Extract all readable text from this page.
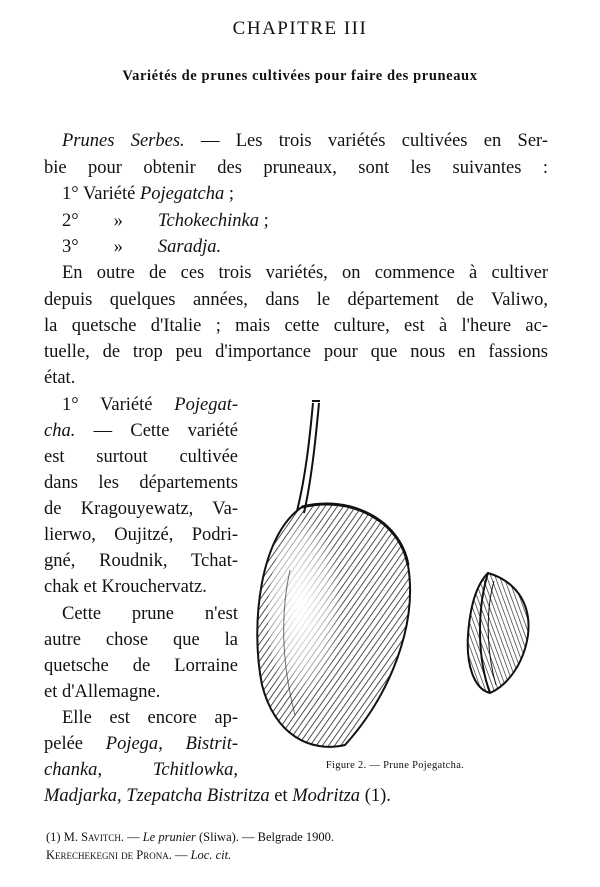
CHAPITRE III
Variétés de prunes cultivées pour faire des pruneaux
Prunes Serbes. — Les trois variétés cultivées en Ser-
bie pour obtenir des pruneaux, sont les suivantes :
1° Variété Pojegatcha ;
2° » Tchokechinka ;
3° » Saradja.
En outre de ces trois variétés, on commence à cultiver
depuis quelques années, dans le département de Valiwo,
la quetsche d'Italie ; mais cette culture, est à l'heure ac-
tuelle, de trop peu d'importance pour que nous en fassions
état.
1° Variété Pojegat-
cha. — Cette variété
est surtout cultivée
dans les départements
de Kragouyewatz, Va-
lierwo, Oujitzé, Podri-
gné, Roudnik, Tchat-
chak et Krouchervatz.
Cette prune n'est
autre chose que la
quetsche de Lorraine
et d'Allemagne.
Elle est encore ap-
pelée Pojega, Bistrit-
chanka, Tchitlowka,
Madjarka, Tzepatcha Bistritza et Modritza (1).
Figure 2. — Prune Pojegatcha.
(1) M. Savitch. — Le prunier (Sliwa). — Belgrade 1900.
Kerechekegni de Prona. — Loc. cit.
